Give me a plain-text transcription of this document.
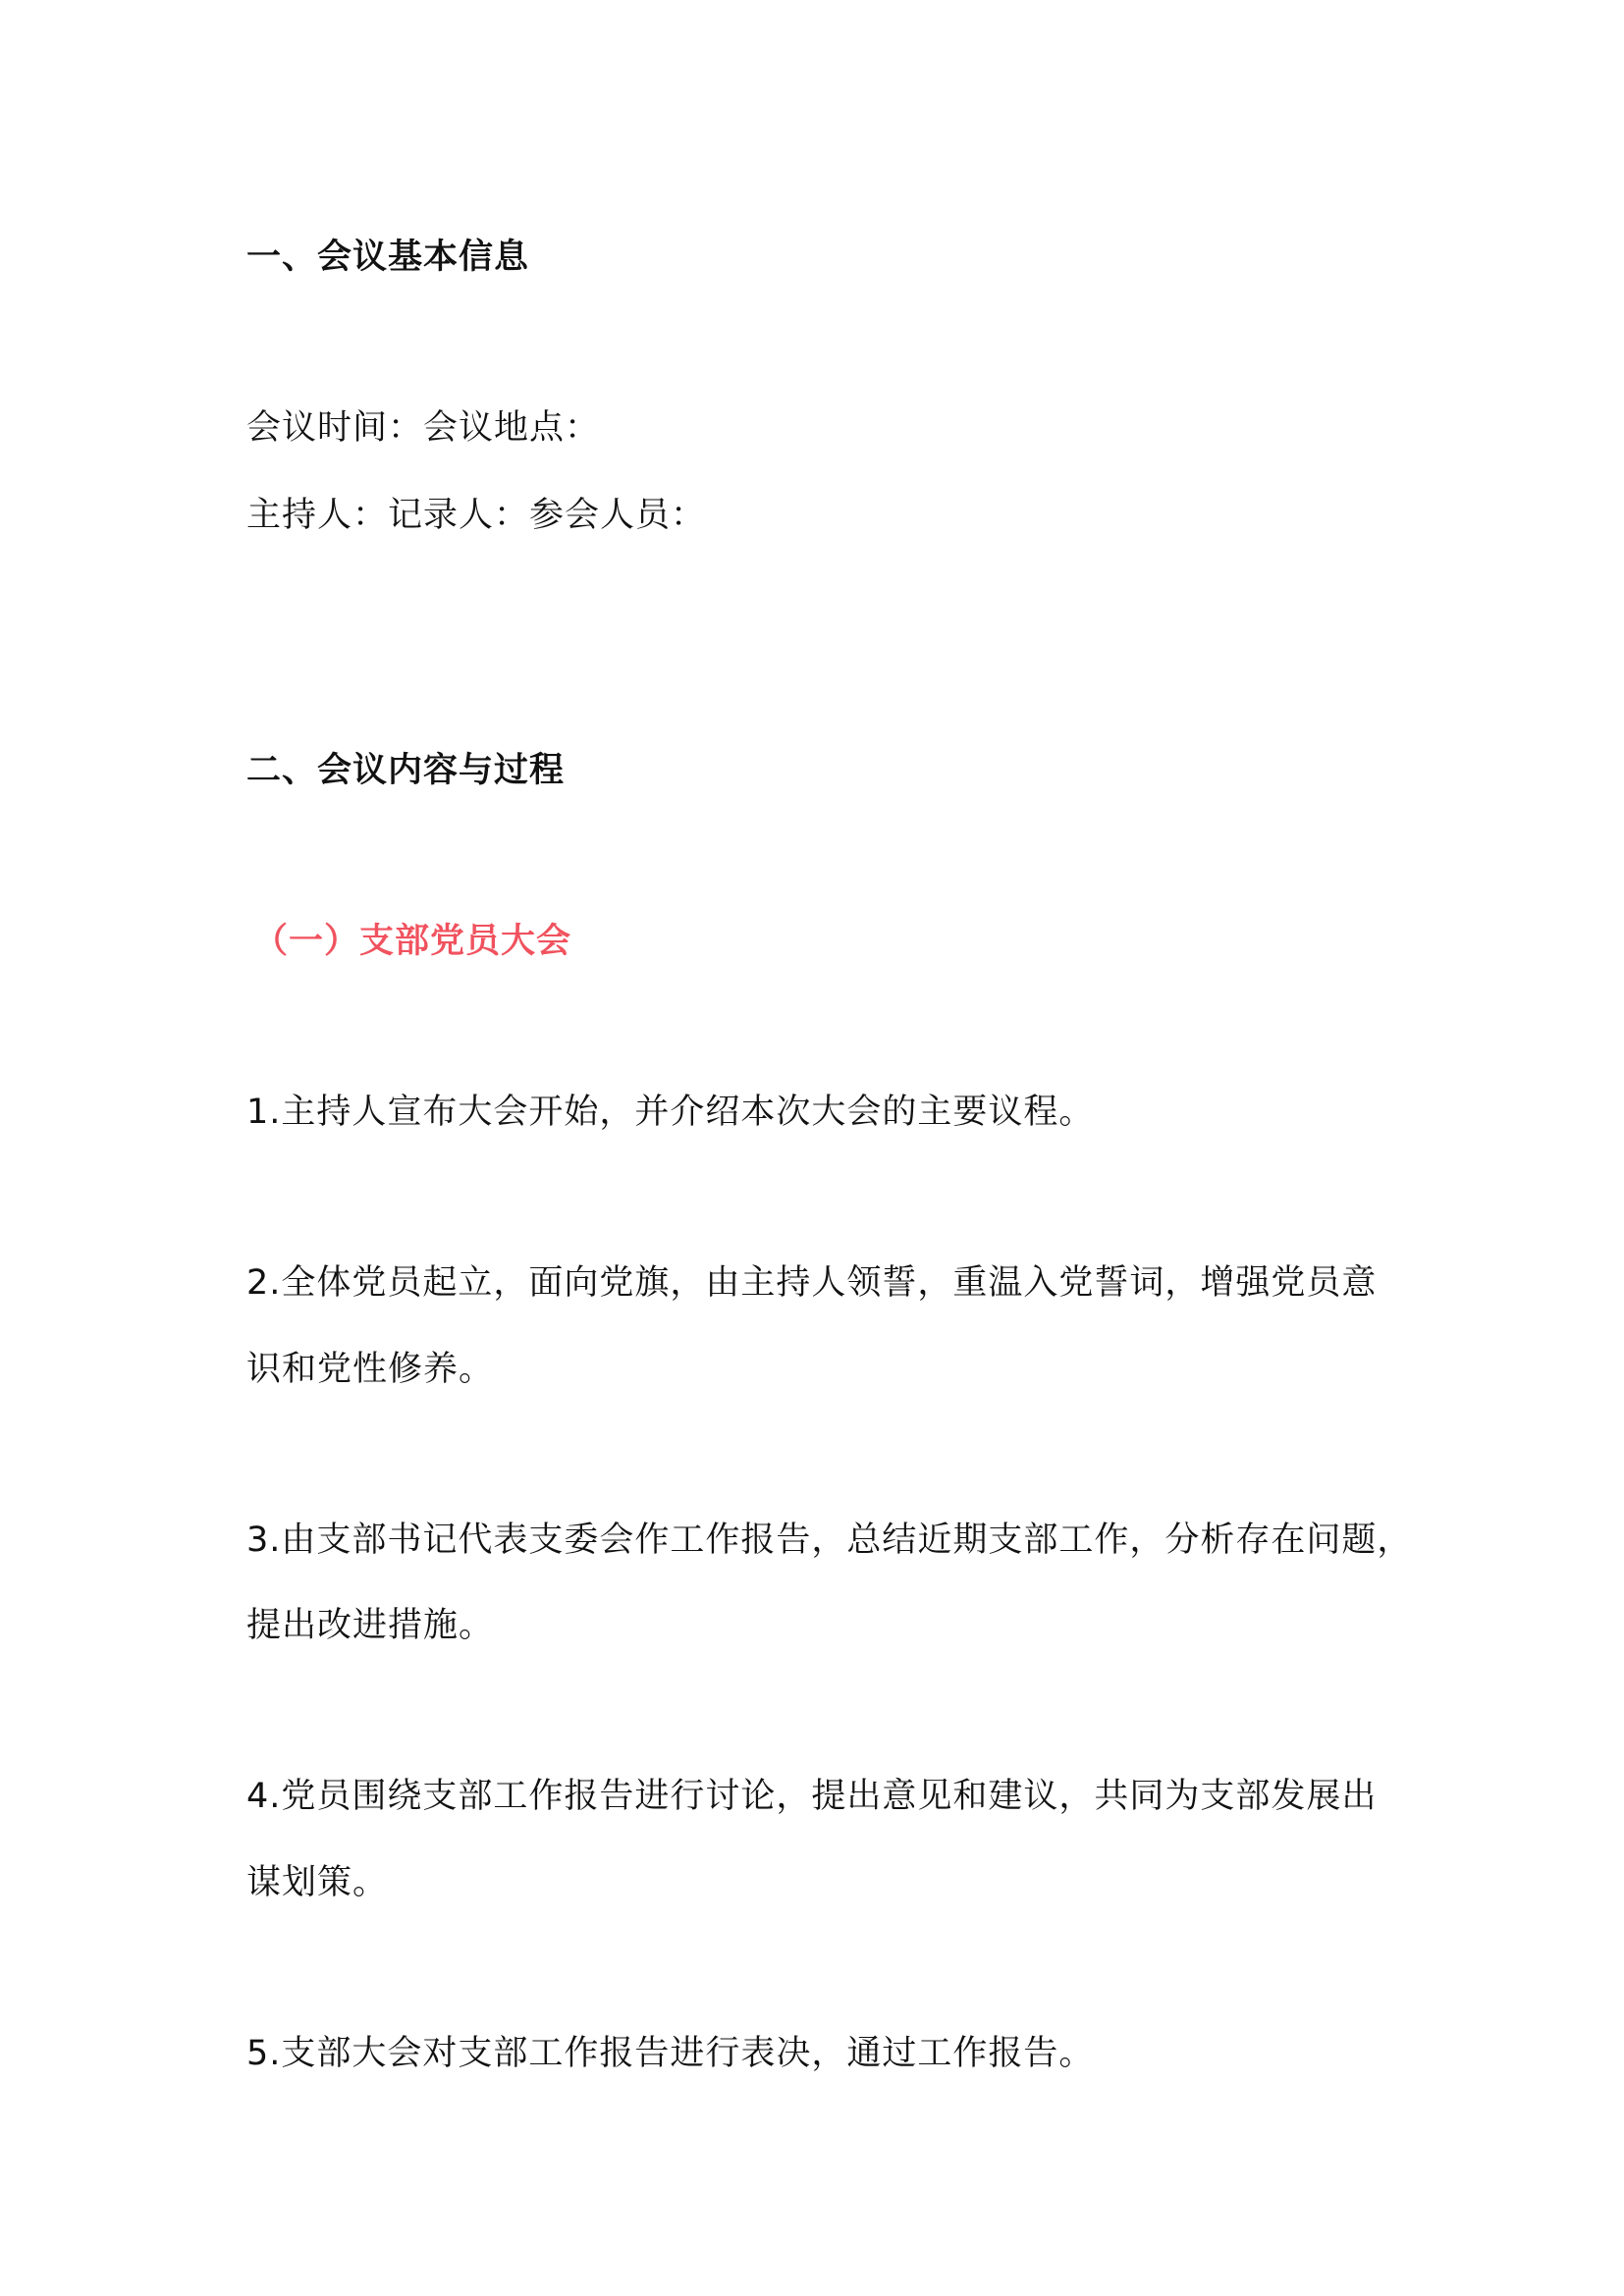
一、会议基本信息
会议时间：会议地点：
主持人：记录人：参会人员：
二、会议内容与过程
（一）支部党员大会
1.主持人宣布大会开始，并介绍本次大会的主要议程。
2.全体党员起立，面向党旗，由主持人领誓，重温入党誓词，增强党员意
识和党性修养。
3.由支部书记代表支委会作工作报告，总结近期支部工作，分析存在问题，
提出改进措施。
4.党员围绕支部工作报告进行讨论，提出意见和建议，共同为支部发展出
谋划策。
5.支部大会对支部工作报告进行表决，通过工作报告。
